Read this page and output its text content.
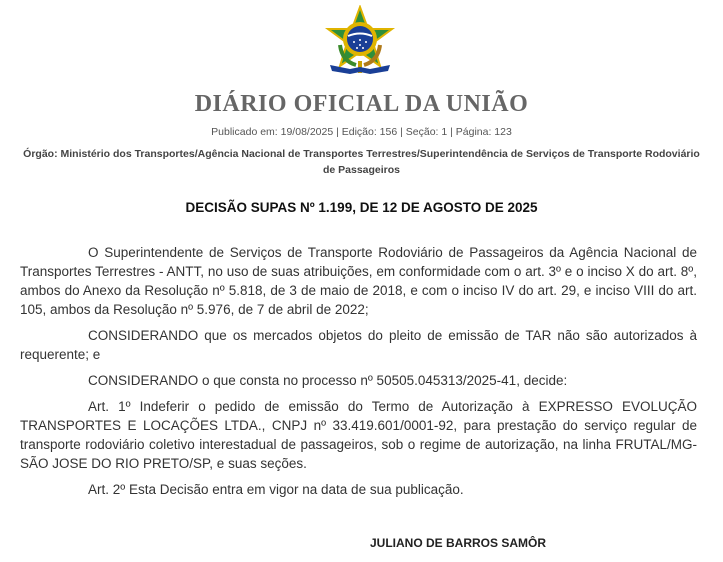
DIÁRIO OFICIAL DA UNIÃO
Publicado em: 19/08/2025 | Edição: 156 | Seção: 1 | Página: 123
Órgão: Ministério dos Transportes/Agência Nacional de Transportes Terrestres/Superintendência de Serviços de Transporte Rodoviário de Passageiros
DECISÃO SUPAS Nº 1.199, DE 12 DE AGOSTO DE 2025

O Superintendente de Serviços de Transporte Rodoviário de Passageiros da Agência Nacional de Transportes Terrestres - ANTT, no uso de suas atribuições, em conformidade com o art. 3º e o inciso X do art. 8º, ambos do Anexo da Resolução nº 5.818, de 3 de maio de 2018, e com o inciso IV do art. 29, e inciso VIII do art. 105, ambos da Resolução nº 5.976, de 7 de abril de 2022;

CONSIDERANDO que os mercados objetos do pleito de emissão de TAR não são autorizados à requerente; e

CONSIDERANDO o que consta no processo nº 50505.045313/2025-41, decide:

Art. 1º Indeferir o pedido de emissão do Termo de Autorização à EXPRESSO EVOLUÇÃO TRANSPORTES E LOCAÇÕES LTDA., CNPJ nº 33.419.601/0001-92, para prestação do serviço regular de transporte rodoviário coletivo interestadual de passageiros, sob o regime de autorização, na linha FRUTAL/MG-SÃO JOSE DO RIO PRETO/SP, e suas seções.

Art. 2º Esta Decisão entra em vigor na data de sua publicação.

JULIANO DE BARROS SAMÔR
